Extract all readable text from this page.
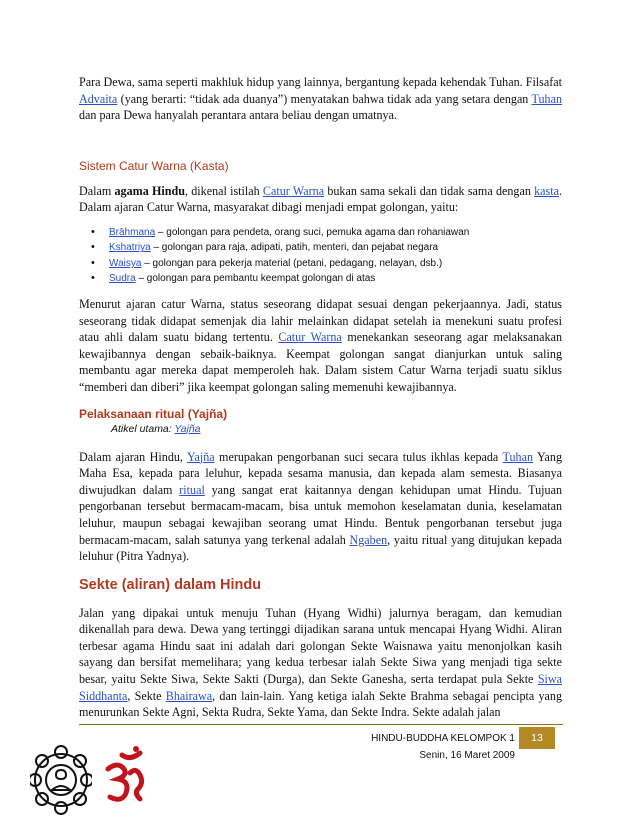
Para Dewa, sama seperti makhluk hidup yang lainnya, bergantung kepada kehendak Tuhan. Filsafat Advaita (yang berarti: “tidak ada duanya”) menyatakan bahwa tidak ada yang setara dengan Tuhan dan para Dewa hanyalah perantara antara beliau dengan umatnya.

Sistem Catur Warna (Kasta)

Dalam agama Hindu, dikenal istilah Catur Warna bukan sama sekali dan tidak sama dengan kasta. Dalam ajaran Catur Warna, masyarakat dibagi menjadi empat golongan, yaitu:

• Brāhmana – golongan para pendeta, orang suci, pemuka agama dan rohaniawan
• Kshatriya – golongan para raja, adipati, patih, menteri, dan pejabat negara
• Waisya – golongan para pekerja material (petani, pedagang, nelayan, dsb.)
• Sudra – golongan para pembantu keempat golongan di atas

Menurut ajaran catur Warna, status seseorang didapat sesuai dengan pekerjaannya. Jadi, status seseorang tidak didapat semenjak dia lahir melainkan didapat setelah ia menekuni suatu profesi atau ahli dalam suatu bidang tertentu. Catur Warna menekankan seseorang agar melaksanakan kewajibannya dengan sebaik-baiknya. Keempat golongan sangat dianjurkan untuk saling membantu agar mereka dapat memperoleh hak. Dalam sistem Catur Warna terjadi suatu siklus “memberi dan diberi” jika keempat golongan saling memenuhi kewajibannya.

Pelaksanaan ritual (Yajña)
Atikel utama: Yajña

Dalam ajaran Hindu, Yajña merupakan pengorbanan suci secara tulus ikhlas kepada Tuhan Yang Maha Esa, kepada para leluhur, kepada sesama manusia, dan kepada alam semesta. Biasanya diwujudkan dalam ritual yang sangat erat kaitannya dengan kehidupan umat Hindu. Tujuan pengorbanan tersebut bermacam-macam, bisa untuk memohon keselamatan dunia, keselamatan leluhur, maupun sebagai kewajiban seorang umat Hindu. Bentuk pengorbanan tersebut juga bermacam-macam, salah satunya yang terkenal adalah Ngaben, yaitu ritual yang ditujukan kepada leluhur (Pitra Yadnya).

Sekte (aliran) dalam Hindu

Jalan yang dipakai untuk menuju Tuhan (Hyang Widhi) jalurnya beragam, dan kemudian dikenallah para dewa. Dewa yang tertinggi dijadikan sarana untuk mencapai Hyang Widhi. Aliran terbesar agama Hindu saat ini adalah dari golongan Sekte Waisnawa yaitu menonjolkan kasih sayang dan bersifat memelihara; yang kedua terbesar ialah Sekte Siwa yang menjadi tiga sekte besar, yaitu Sekte Siwa, Sekte Sakti (Durga), dan Sekte Ganesha, serta terdapat pula Sekte Siwa Siddhanta, Sekte Bhairawa, dan lain-lain. Yang ketiga ialah Sekte Brahma sebagai pencipta yang menurunkan Sekte Agni, Sekta Rudra, Sekte Yama, dan Sekte Indra. Sekte adalah jalan

HINDU-BUDDHA KELOMPOK 1
Senin, 16 Maret 2009
13
